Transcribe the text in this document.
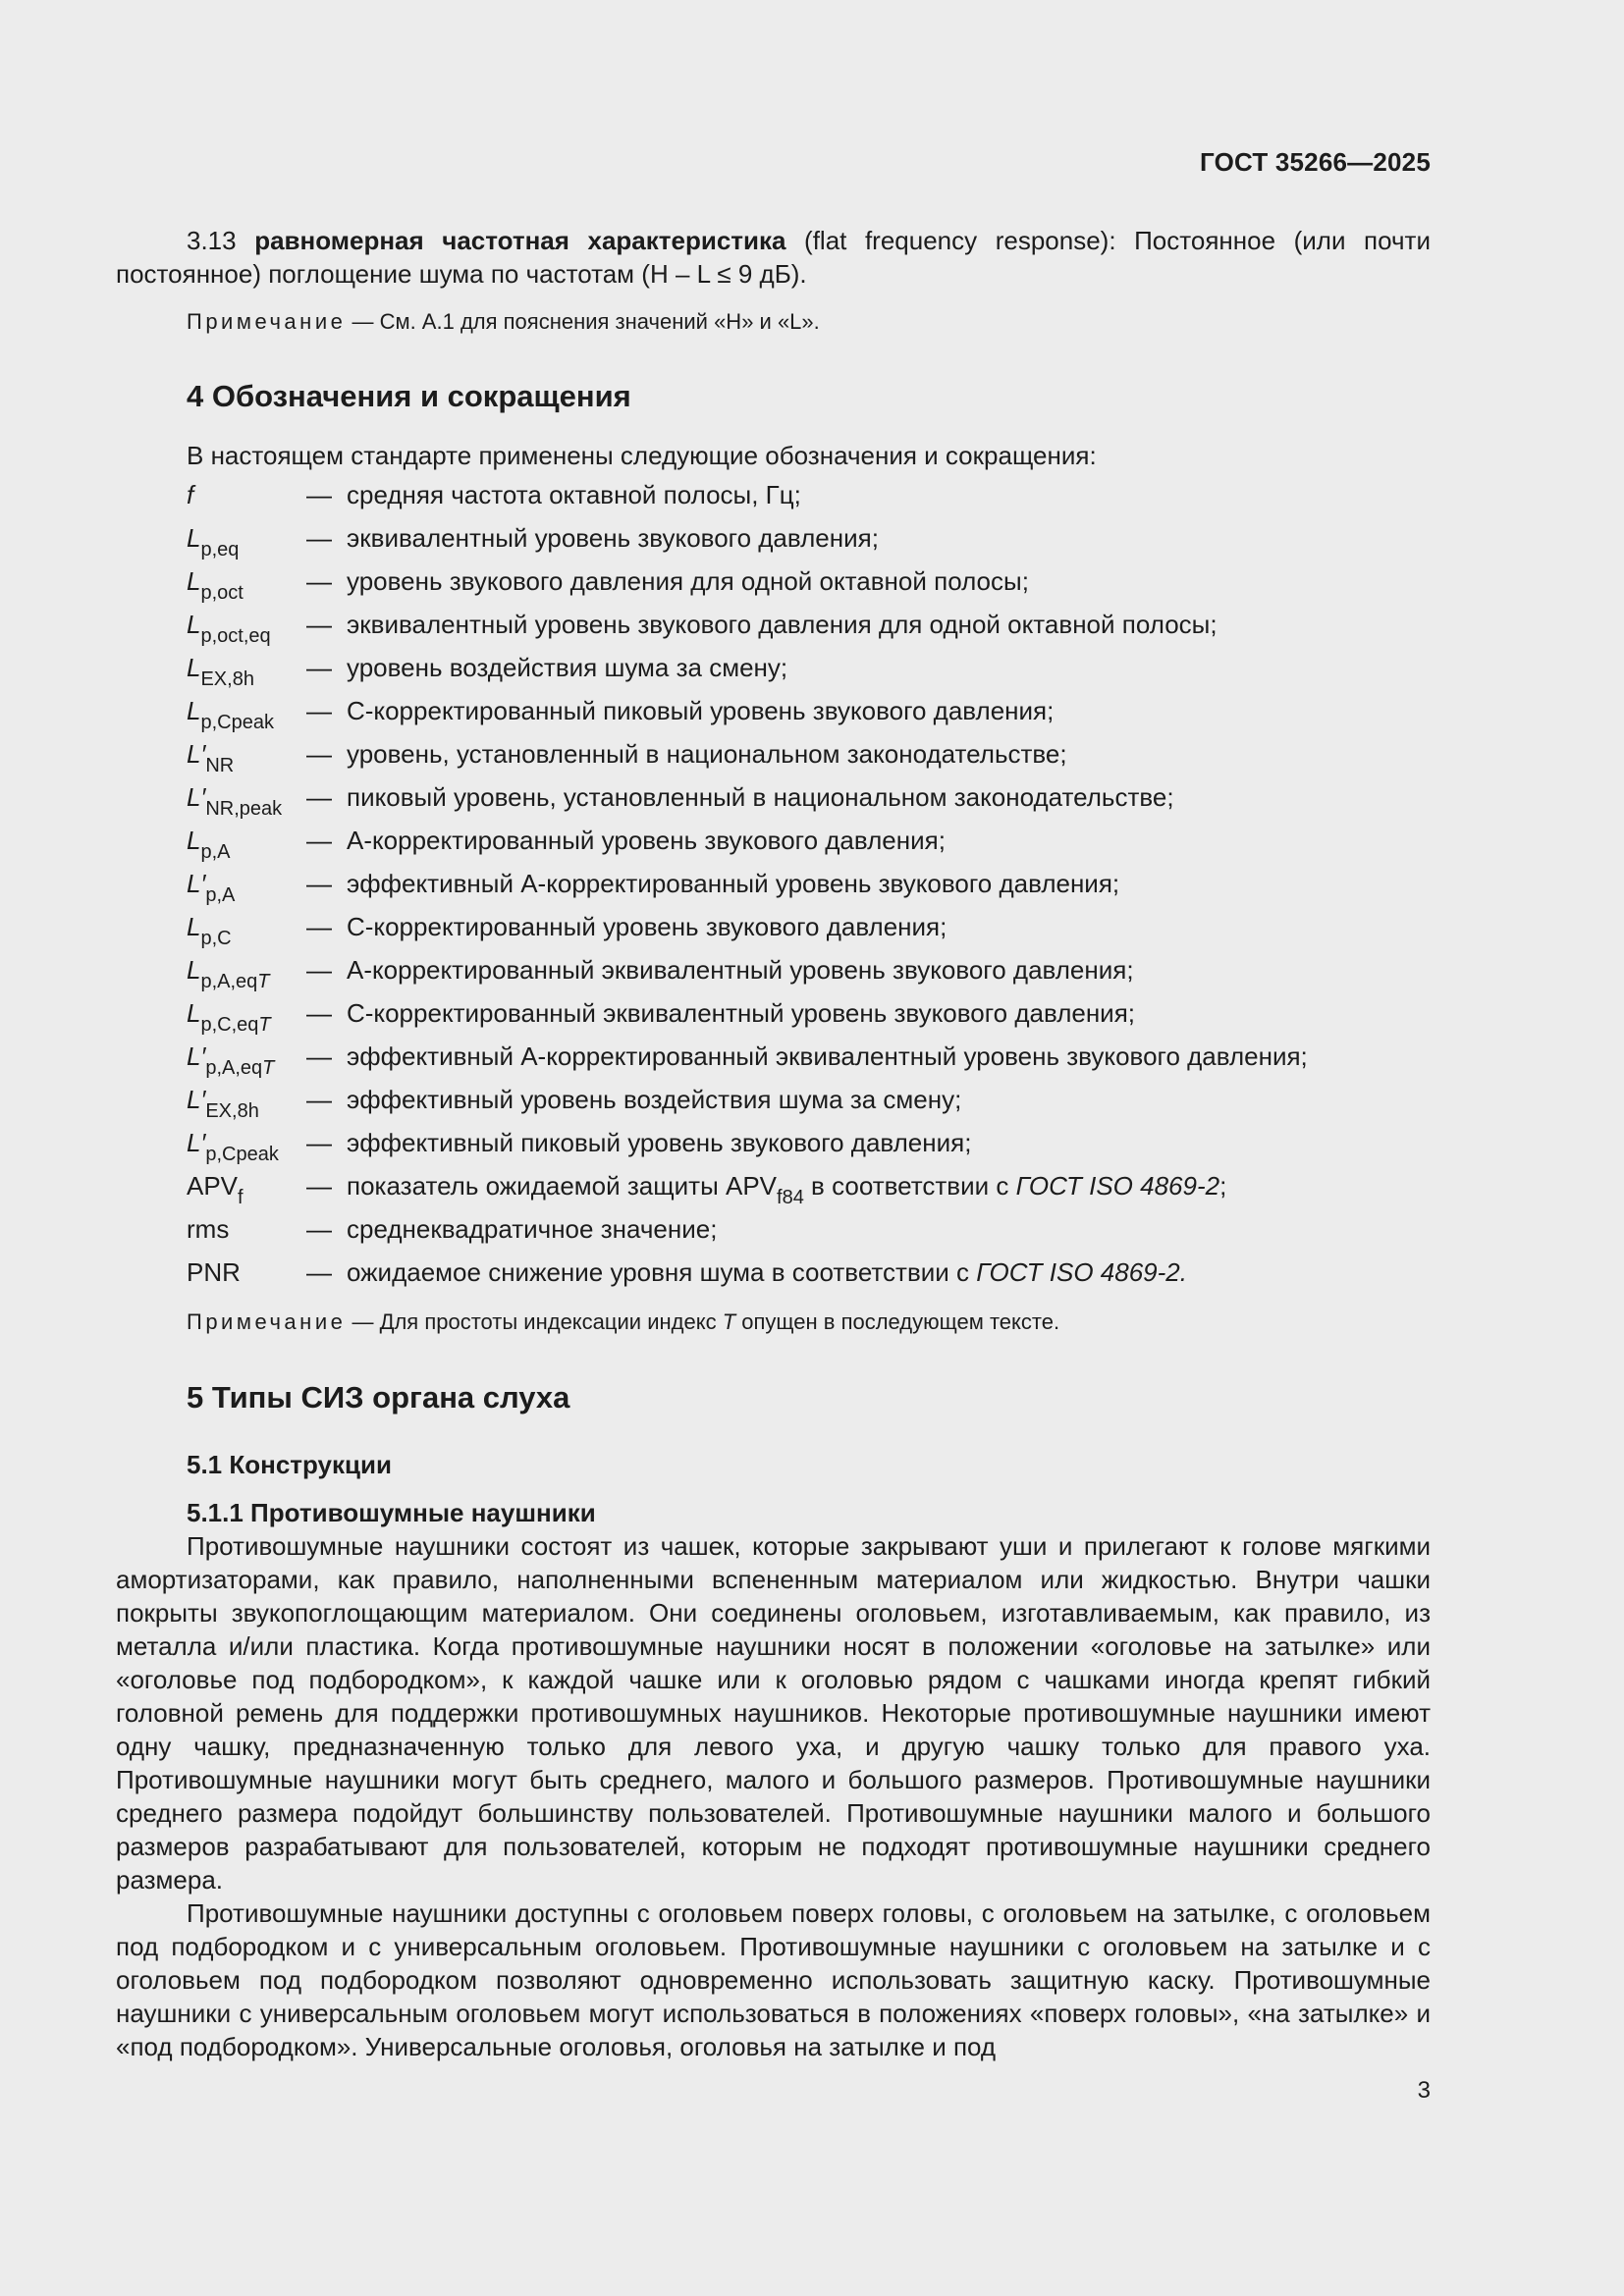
ГОСТ 35266—2025
3.13 равномерная частотная характеристика (flat frequency response): Постоянное (или почти постоянное) поглощение шума по частотам (H – L ≤ 9 дБ).
Примечание — См. А.1 для пояснения значений «H» и «L».
4 Обозначения и сокращения
В настоящем стандарте применены следующие обозначения и сокращения:
f	— средняя частота октавной полосы, Гц;
$L_{p,eq}$	— эквивалентный уровень звукового давления;
$L_{p,oct}$ — уровень звукового давления для одной октавной полосы;
$L_{p,oct,eq}$ — эквивалентный уровень звукового давления для одной октавной полосы;
$L_{EX,8h}$ — уровень воздействия шума за смену;
$L_{p,Cpeak}$ — С-корректированный пиковый уровень звукового давления;
$L'_{NR}$	— уровень, установленный в национальном законодательстве;
$L'_{NR,peak}$ — пиковый уровень, установленный в национальном законодательстве;
$L_{p,A}$	— А-корректированный уровень звукового давления;
$L'_{p,A}$	— эффективный А-корректированный уровень звукового давления;
$L_{p,C}$	— С-корректированный уровень звукового давления;
$L_{p,A,eqT}$ — А-корректированный эквивалентный уровень звукового давления;
$L_{p,C,eqT}$ — С-корректированный эквивалентный уровень звукового давления;
$L'_{p,A,eqT}$ — эффективный А-корректированный эквивалентный уровень звукового давления;
$L'_{EX,8h}$ — эффективный уровень воздействия шума за смену;
$L'_{p,Cpeak}$ — эффективный пиковый уровень звукового давления;
$APV_f$ — показатель ожидаемой защиты $APV_{f84}$ в соответствии с ГОСТ ISO 4869-2;
rms	— среднеквадратичное значение;
PNR	— ожидаемое снижение уровня шума в соответствии с ГОСТ ISO 4869-2.
Примечание — Для простоты индексации индекс T опущен в последующем тексте.
5 Типы СИЗ органа слуха
5.1 Конструкции
5.1.1 Противошумные наушники
Противошумные наушники состоят из чашек, которые закрывают уши и прилегают к голове мягкими амортизаторами, как правило, наполненными вспененным материалом или жидкостью. Внутри чашки покрыты звукопоглощающим материалом. Они соединены оголовьем, изготавливаемым, как правило, из металла и/или пластика. Когда противошумные наушники носят в положении «оголовье на затылке» или «оголовье под подбородком», к каждой чашке или к оголовью рядом с чашками иногда крепят гибкий головной ремень для поддержки противошумных наушников. Некоторые противошумные наушники имеют одну чашку, предназначенную только для левого уха, и другую чашку только для правого уха. Противошумные наушники могут быть среднего, малого и большого размеров. Противошумные наушники среднего размера подойдут большинству пользователей. Противошумные наушники малого и большого размеров разрабатывают для пользователей, которым не подходят противошумные наушники среднего размера.
Противошумные наушники доступны с оголовьем поверх головы, с оголовьем на затылке, с оголовьем под подбородком и с универсальным оголовьем. Противошумные наушники с оголовьем на затылке и с оголовьем под подбородком позволяют одновременно использовать защитную каску. Противошумные наушники с универсальным оголовьем могут использоваться в положениях «поверх головы», «на затылке» и «под подбородком». Универсальные оголовья, оголовья на затылке и под
3
